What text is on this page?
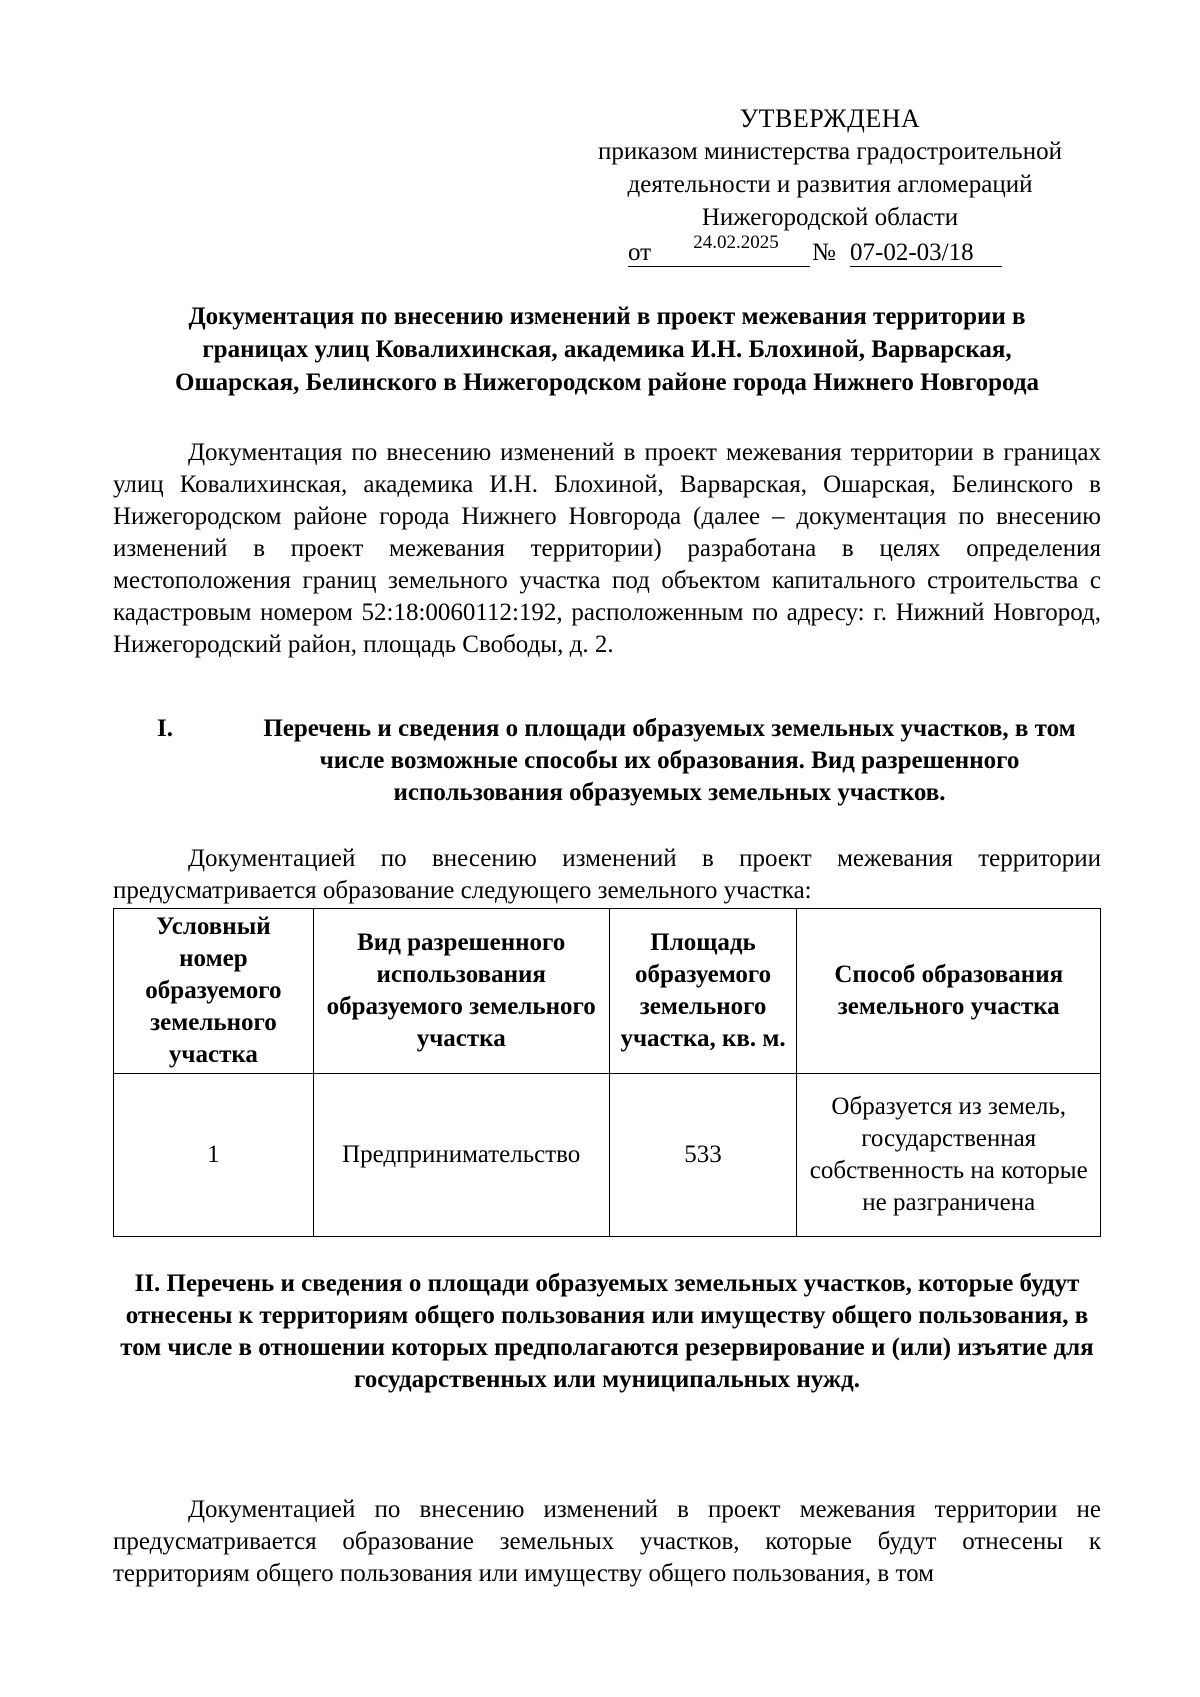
УТВЕРЖДЕНА
приказом министерства градостроительной
деятельности и развития агломераций
Нижегородской области
от	24.02.2025	№ 07-02-03/18
Документация по внесению изменений в проект межевания территории в
границах улиц Ковалихинская, академика И.Н. Блохиной, Варварская,
Ошарская, Белинского в Нижегородском районе города Нижнего Новгорода
Документация по внесению изменений в проект межевания территории в границах улиц Ковалихинская, академика И.Н. Блохиной, Варварская, Ошарская, Белинского в Нижегородском районе города Нижнего Новгорода (далее – документация по внесению изменений в проект межевания территории) разработана в целях определения местоположения границ земельного участка под объектом капитального строительства с кадастровым номером 52:18:0060112:192, расположенным по адресу: г. Нижний Новгород, Нижегородский район, площадь Свободы, д. 2.
I.	Перечень и сведения о площади образуемых земельных участков, в том числе возможные способы их образования. Вид разрешенного использования образуемых земельных участков.
Документацией по внесению изменений в проект межевания территории предусматривается образование следующего земельного участка:
Условный номер образуемого земельного участка	Вид разрешенного использования образуемого земельного участка	Площадь образуемого земельного участка, кв. м.	Способ образования земельного участка
1	Предпринимательство	533	Образуется из земель, государственная собственность на которые не разграничена
II. Перечень и сведения о площади образуемых земельных участков, которые будут отнесены к территориям общего пользования или имуществу общего пользования, в том числе в отношении которых предполагаются резервирование и (или) изъятие для государственных или муниципальных нужд.
Документацией по внесению изменений в проект межевания территории не предусматривается образование земельных участков, которые будут отнесены к территориям общего пользования или имуществу общего пользования, в том
